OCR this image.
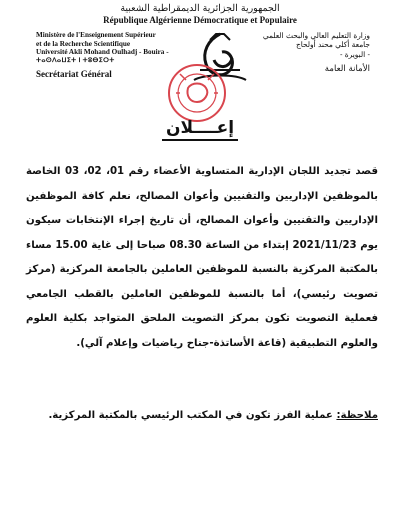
الجمهورية الجزائرية الديمقراطية الشعبية
République Algérienne Démocratique et Populaire
Ministère de l'Enseignement Supérieur
et de la Recherche Scientifique
Université Akli Mohand Oulhadj - Bouira -
ⵜⴰⵙⴷⴰⵡⵉⵜ ⵏ ⵜⵓⴱⵉⵔⵜ
Secrétariat Général
وزارة التعليم العالي والبحث العلمي
جامعة أكلي محند أولحاج
- البويرة -
الأمانة العامة
إعــــلان

قصد تجديد اللجان الإدارية المتساوية الأعضاء رقم 01، 02، 03 الخاصة بالموظفين الإداريين والتقنيين وأعوان المصالح، نعلم كافة الموظفين الإداريين والتقنيين وأعوان المصالح، أن تاريخ إجراء الإنتخابات سيكون يوم 2021/11/23 إبتداء من الساعة 08.30 صباحا إلى غاية 15.00 مساء بالمكتبة المركزية بالنسبة للموظفين العاملين بالجامعة المركزية (مركز تصويت رئيسي)، أما بالنسبة للموظفين العاملين بالقطب الجامعي فعملية التصويت تكون بمركز التصويت الملحق المتواجد بكلية العلوم والعلوم التطبيقية (قاعة الأساتذة-جناح رياضيات وإعلام آلي).

ملاحظة: عملية الفرز تكون في المكتب الرئيسي بالمكتبة المركزية.
